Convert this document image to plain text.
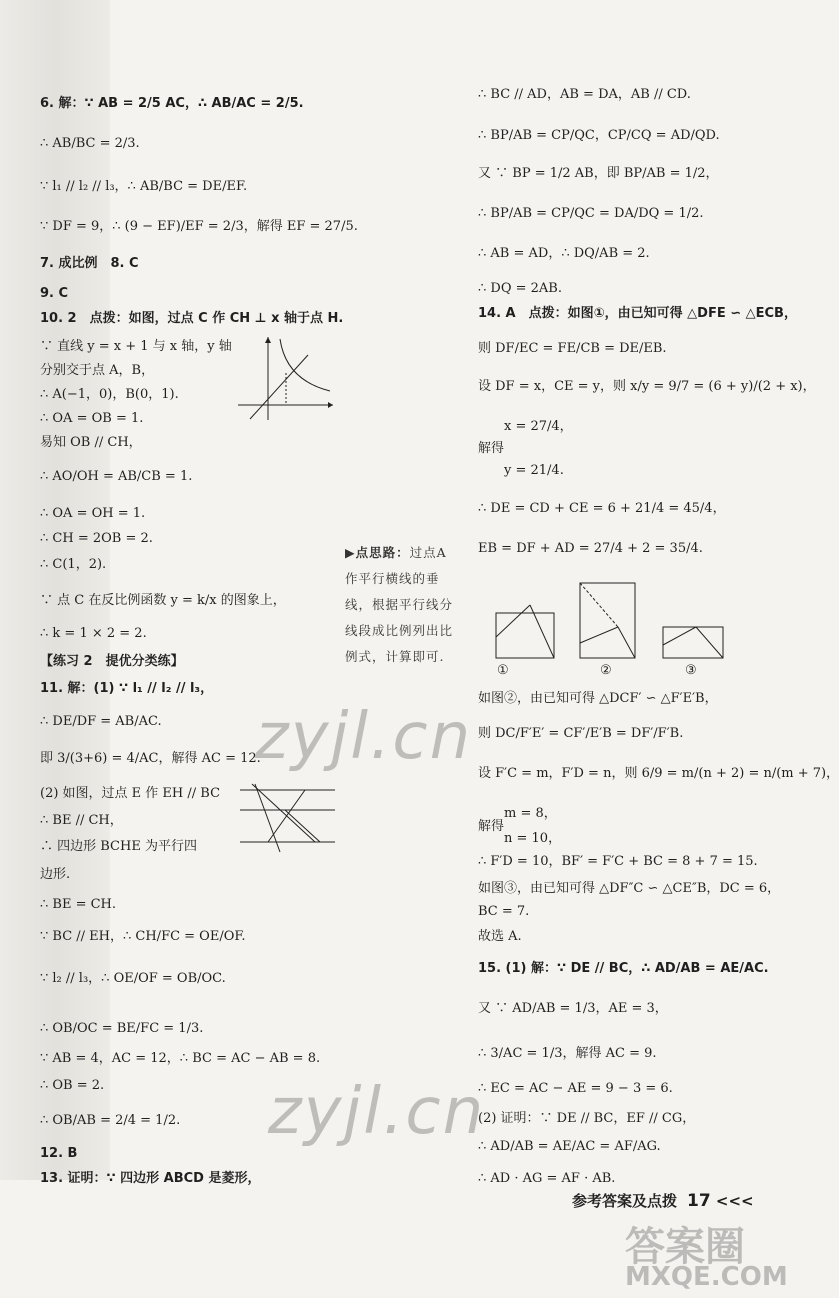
6. 解：∵ AB = 2/5 AC，∴ AB/AC = 2/5.
∴ AB/BC = 2/3.
∵ l₁ // l₂ // l₃，∴ AB/BC = DE/EF.
∵ DF = 9，∴ (9 − EF)/EF = 2/3，解得 EF = 27/5.
7. 成比例　8. C
9. C
10. 2　点拨：如图，过点 C 作 CH ⊥ x 轴于点 H.
∵ 直线 y = x + 1 与 x 轴，y 轴
分别交于点 A，B，
∴ A(−1，0)，B(0，1).
∴ OA = OB = 1.
易知 OB // CH，
∴ AO/OH = AB/CB = 1.
∴ OA = OH = 1.
∴ CH = 2OB = 2.
∴ C(1，2).
∵ 点 C 在反比例函数 y = k/x 的图象上，
∴ k = 1 × 2 = 2.
11. 解：(1) ∵ l₁ // l₂ // l₃，
∴ DE/DF = AB/AC.
即 3/(3+6) = 4/AC，解得 AC = 12.
(2) 如图，过点 E 作 EH // BC
∴ BE // CH，
∴ 四边形 BCHE 为平行四
边形.
∴ BE = CH.
∵ BC // EH，∴ CH/FC = OE/OF.
∵ l₂ // l₃，∴ OE/OF = OB/OC.
∴ OB/OC = BE/FC = 1/3.
∵ AB = 4，AC = 12，∴ BC = AC − AB = 8.
∴ OB = 2.
∴ OB/AB = 2/4 = 1/2.
12. B
13. 证明：∵ 四边形 ABCD 是菱形，
∴ BC // AD，AB = DA，AB // CD.
∴ BP/AB = CP/QC，CP/CQ = AD/QD.
又 ∵ BP = 1/2 AB，即 BP/AB = 1/2，
∴ BP/AB = CP/QC = DA/DQ = 1/2.
∴ AB = AD，∴ DQ/AB = 2.
∴ DQ = 2AB.
14. A　点拨：如图①，由已知可得 △DFE ∽ △ECB，
则 DF/EC = FE/CB = DE/EB.
设 DF = x，CE = y，则 x/y = 9/7 = (6 + y)/(2 + x)，
　　x = 27/4，
解得
　　y = 21/4.
∴ DE = CD + CE = 6 + 21/4 = 45/4，
EB = DF + AD = 27/4 + 2 = 35/4.
如图②，由已知可得 △DCF′ ∽ △F′E′B，
则 DC/F′E′ = CF′/E′B = DF′/F′B.
设 F′C = m，F′D = n，则 6/9 = m/(n + 2) = n/(m + 7)，
　　m = 8，
解得
　　n = 10，
∴ F′D = 10，BF′ = F′C + BC = 8 + 7 = 15.
如图③，由已知可得 △DF″C ∽ △CE″B，DC = 6，
BC = 7.
故选 A.
15. (1) 解：∵ DE // BC，∴ AD/AB = AE/AC.
又 ∵ AD/AB = 1/3，AE = 3，
∴ 3/AC = 1/3，解得 AC = 9.
∴ EC = AC − AE = 9 − 3 = 6.
(2) 证明：∵ DE // BC，EF // CG，
∴ AD/AB = AE/AC = AF/AG.
∴ AD · AG = AF · AB.
【练习 2　提优分类练】
▶点思路：过点A作平行横线的垂线，根据平行线分线段成比例列出比例式，计算即可.
①	②	③
参考答案及点拨 17 <<<
zyjl.cn
zyjl.cn
答案圈
MXQE.COM
